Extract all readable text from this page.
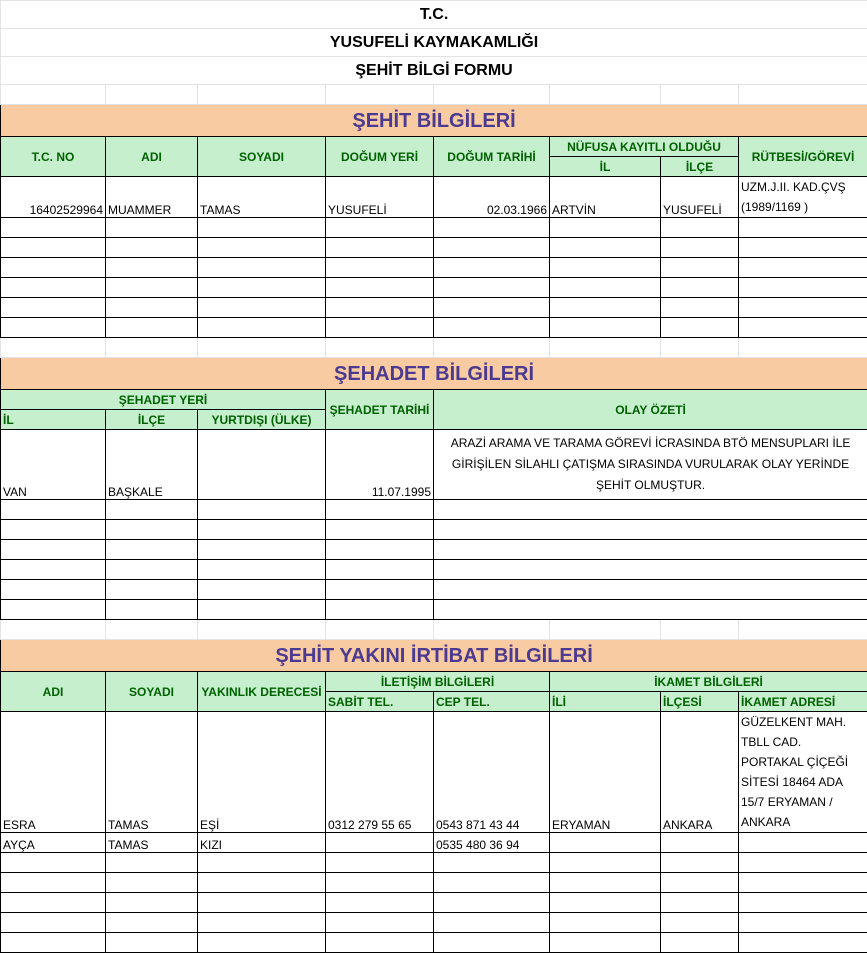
T.C.							
YUSUFELİ KAYMAKAMLIĞI							
ŞEHİT BİLGİ FORMU							

ŞEHİT BİLGİLERİ							
T.C. NO	ADI	SOYADI	DOĞUM YERİ	DOĞUM TARİHİ	NÜFUSA KAYITLI OLDUĞU		RÜTBESİ/GÖREVİ
					İL	İLÇE	
16402529964	MUAMMER	TAMAS	YUSUFELİ	02.03.1966	ARTVİN	YUSUFELİ	UZM.J.II. KAD.ÇVŞ (1989/1169 )

ŞEHADET BİLGİLERİ							
ŞEHADET YERİ			ŞEHADET TARİHİ	OLAY ÖZETİ			
İL	İLÇE	YURTDIŞI (ÜLKE)					
VAN	BAŞKALE		11.07.1995	ARAZİ ARAMA VE TARAMA GÖREVİ İCRASINDA BTÖ MENSUPLARI İLE GİRİŞİLEN SİLAHLI ÇATIŞMA SIRASINDA VURULARAK OLAY YERİNDE ŞEHİT OLMUŞTUR.			

ŞEHİT YAKINI İRTİBAT BİLGİLERİ							
ADI	SOYADI	YAKINLIK DERECESİ	İLETİŞİM BİLGİLERİ		İKAMET BİLGİLERİ		
			SABİT TEL.	CEP TEL.	İLİ	İLÇESİ	İKAMET ADRESİ
ESRA	TAMAS	EŞİ	0312 279 55 65	0543 871 43 44	ERYAMAN	ANKARA	GÜZELKENT MAH. TBLL CAD. PORTAKAL ÇİÇEĞİ SİTESİ 18464 ADA 15/7 ERYAMAN / ANKARA
AYÇA	TAMAS	KIZI		0535 480 36 94			
